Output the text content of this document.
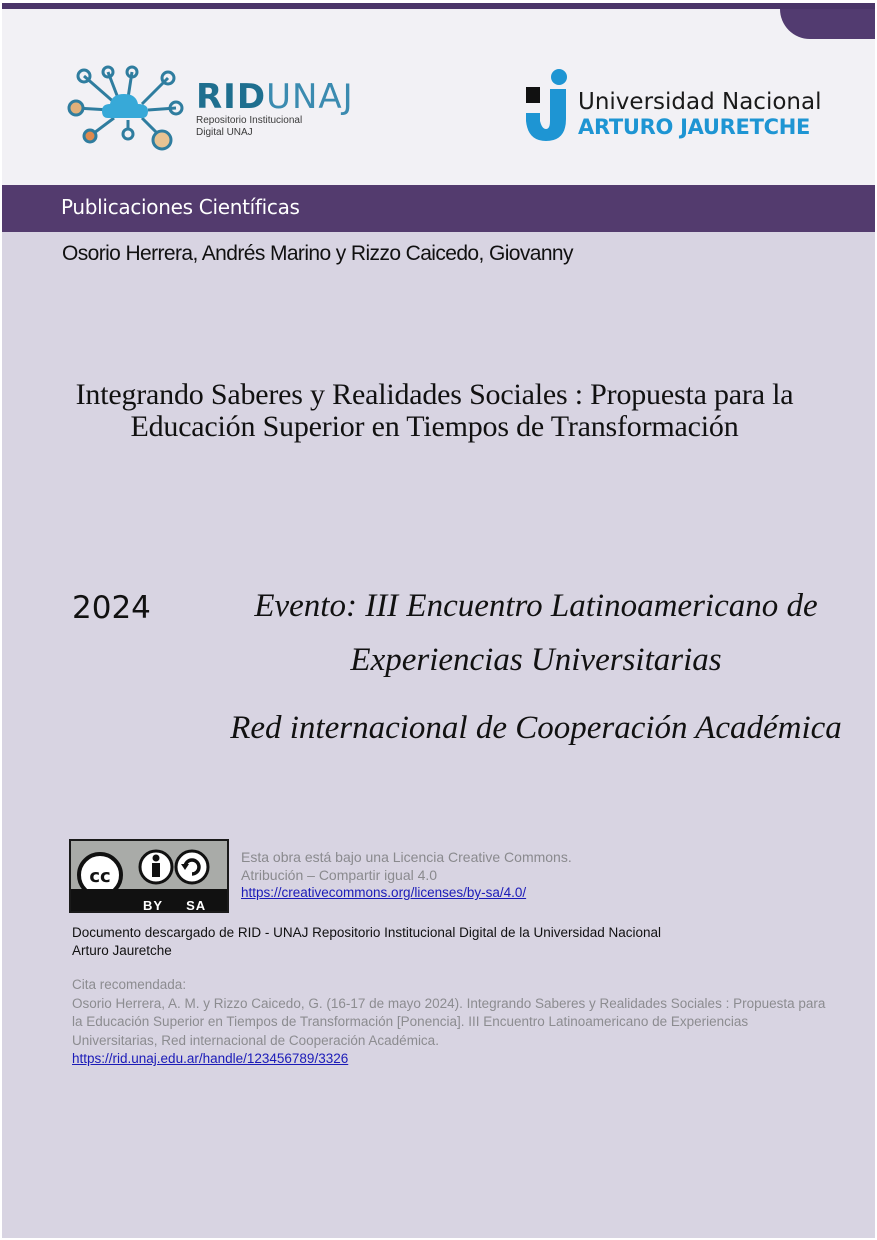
RIDUNAJ
Repositorio Institucional
Digital UNAJ
Universidad Nacional
ARTURO JAURETCHE
Publicaciones Científicas
Osorio Herrera, Andrés Marino y Rizzo Caicedo, Giovanny
Integrando Saberes y Realidades Sociales : Propuesta para la Educación Superior en Tiempos de Transformación
2024	Evento: III Encuentro Latinoamericano de
Experiencias Universitarias
Red internacional de Cooperación Académica
cc
BY SA
Esta obra está bajo una Licencia Creative Commons.
Atribución – Compartir igual 4.0
https://creativecommons.org/licenses/by-sa/4.0/
Documento descargado de RID - UNAJ Repositorio Institucional Digital de la Universidad Nacional Arturo Jauretche
Cita recomendada:
Osorio Herrera, A. M. y Rizzo Caicedo, G. (16-17 de mayo 2024). Integrando Saberes y Realidades Sociales : Propuesta para la Educación Superior en Tiempos de Transformación [Ponencia]. III Encuentro Latinoamericano de Experiencias Universitarias, Red internacional de Cooperación Académica.
https://rid.unaj.edu.ar/handle/123456789/3326
